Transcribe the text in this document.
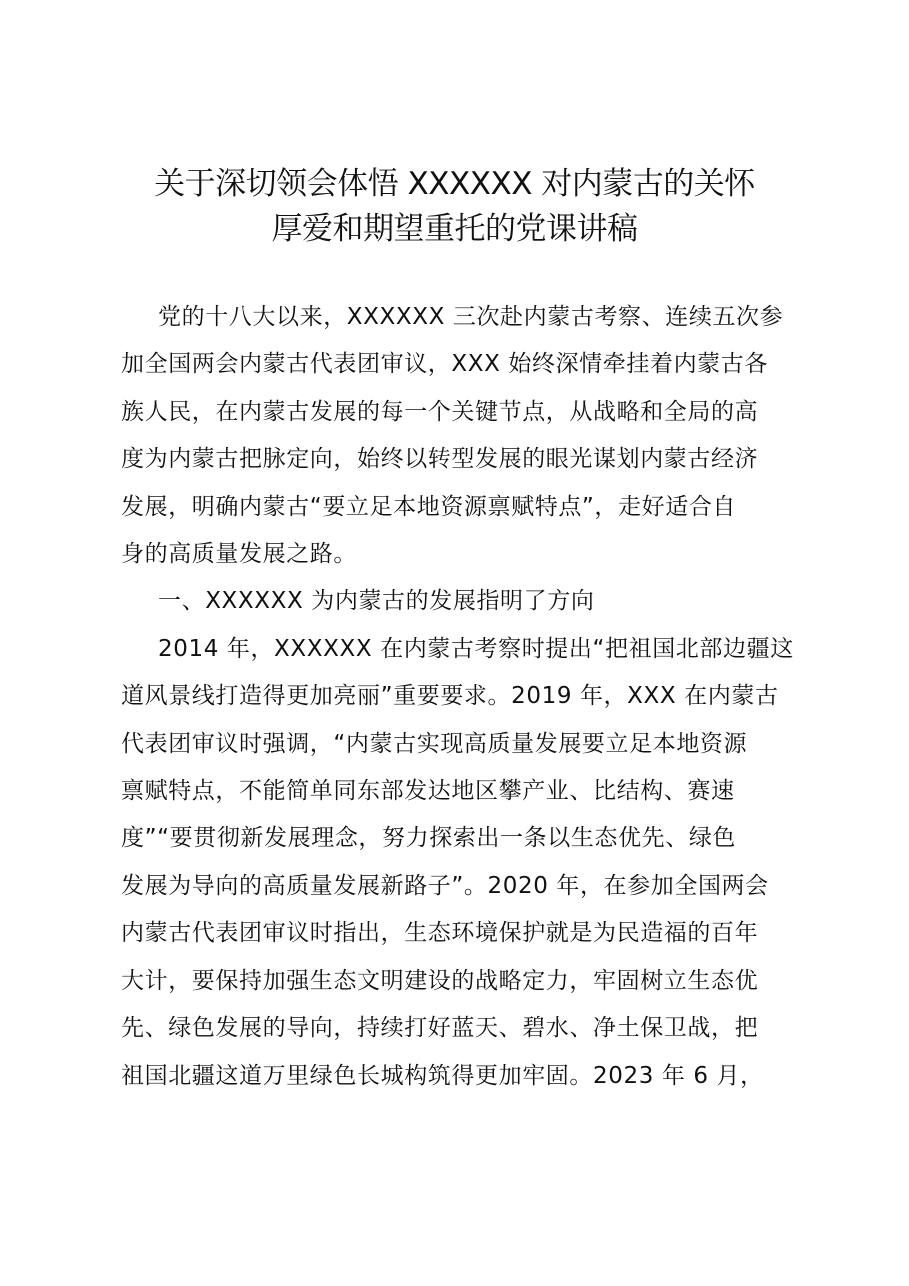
关于深切领会体悟 XXXXXX 对内蒙古的关怀
厚爱和期望重托的党课讲稿

党的十八大以来，XXXXXX 三次赴内蒙古考察、连续五次参
加全国两会内蒙古代表团审议，XXX 始终深情牵挂着内蒙古各
族人民，在内蒙古发展的每一个关键节点，从战略和全局的高
度为内蒙古把脉定向，始终以转型发展的眼光谋划内蒙古经济
发展，明确内蒙古“要立足本地资源禀赋特点”，走好适合自
身的高质量发展之路。

一、XXXXXX 为内蒙古的发展指明了方向

2014 年，XXXXXX 在内蒙古考察时提出“把祖国北部边疆这
道风景线打造得更加亮丽”重要要求。2019 年，XXX 在内蒙古
代表团审议时强调，“内蒙古实现高质量发展要立足本地资源
禀赋特点，不能简单同东部发达地区攀产业、比结构、赛速
度”“要贯彻新发展理念，努力探索出一条以生态优先、绿色
发展为导向的高质量发展新路子”。2020 年，在参加全国两会
内蒙古代表团审议时指出，生态环境保护就是为民造福的百年
大计，要保持加强生态文明建设的战略定力，牢固树立生态优
先、绿色发展的导向，持续打好蓝天、碧水、净土保卫战，把
祖国北疆这道万里绿色长城构筑得更加牢固。2023 年 6 月，
